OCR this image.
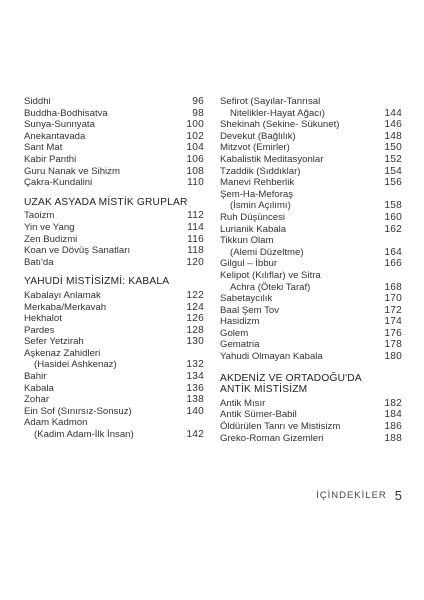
Siddhi	96
Buddha-Bodhisatva	98
Sunya-Sunnyata	100
Anekantavada	102
Sant Mat	104
Kabir Panthi	106
Guru Nanak ve Sihizm	108
Çakra-Kundalini	110
UZAK ASYADA MİSTİK GRUPLAR
Taoizm	112
Yin ve Yang	114
Zen Budizmi	116
Koan ve Dövüş Sanatları	118
Batı'da	120
YAHUDİ MİSTİSİZMİ: KABALA
Kabalayı Anlamak	122
Merkaba/Merkavah	124
Hekhalot	126
Pardes	128
Sefer Yetzirah	130
Aşkenaz Zahidleri
(Hasidei Ashkenaz)	132
Bahir	134
Kabala	136
Zohar	138
Ein Sof (Sınırsız-Sonsuz)	140
Adam Kadmon
(Kadim Adam-İlk İnsan)	142
Sefirot (Sayılar-Tanrısal
Nitelikler-Hayat Ağacı)	144
Shekinah (Sekine- Sükunet)	146
Devekut (Bağlılık)	148
Mitzvot (Emirler)	150
Kabalistik Meditasyonlar	152
Tzaddik (Sıddıklar)	154
Manevi Rehberlik	156
Şem-Ha-Meforaş
(İsmin Açılımı)	158
Ruh Düşüncesi	160
Lurianik Kabala	162
Tikkun Olam
(Alemi Düzeltme)	164
Gilgul – İbbur	166
Kelipot (Kılıflar) ve Sitra
Achra (Öteki Taraf)	168
Sabetaycılık	170
Baal Şem Tov	172
Hasidizm	174
Golem	176
Gematria	178
Yahudi Olmayan Kabala	180
AKDENİZ VE ORTADOĞU'DA
ANTİK MİSTİSİZM
Antik Mısır	182
Antik Sümer-Babil	184
Öldürülen Tanrı ve Mistisizm	186
Greko-Roman Gizemleri	188
İÇİNDEKİLER 5
